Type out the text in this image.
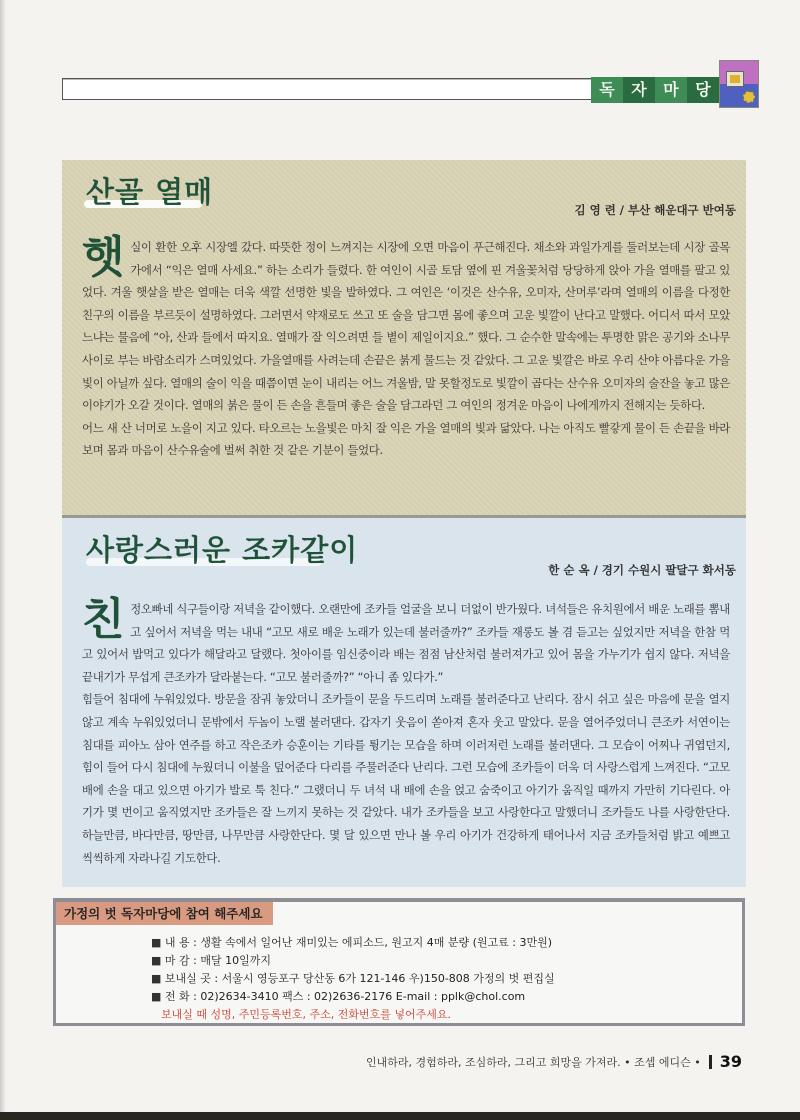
독	자	마	당
산골 열매
김 영 련 / 부산 해운대구 반여동
햇 실이 환한 오후 시장엘 갔다. 따뜻한 정이 느껴지는 시장에 오면 마음이 푸근해진다. 채소와 과일가게를 둘러보는데 시장 골목가에서 “익은 열매 사세요.” 하는 소리가 들렸다. 한 여인이 시골 토담 옆에 핀 겨울꽃처럼 당당하게 앉아 가을 열매를 팔고 있었다. 겨울 햇살을 받은 열매는 더욱 색깔 선명한 빛을 발하였다. 그 여인은 ‘이것은 산수유, 오미자, 산머루’라며 열매의 이름을 다정한 친구의 이름을 부르듯이 설명하였다. 그러면서 약재로도 쓰고 또 술을 담그면 몸에 좋으며 고운 빛깔이 난다고 말했다. 어디서 따서 모았느냐는 물음에 “아, 산과 들에서 따지요. 열매가 잘 익으려면 들 볕이 제일이지요.” 했다. 그 순수한 말속에는 투명한 맑은 공기와 소나무 사이로 부는 바람소리가 스며있었다. 가을열매를 사려는데 손끝은 붉게 물드는 것 같았다. 그 고운 빛깔은 바로 우리 산야 아름다운 가을빛이 아닐까 싶다. 열매의 술이 익을 때쯤이면 눈이 내리는 어느 겨울밤, 말 못할정도로 빛깔이 곱다는 산수유 오미자의 술잔을 놓고 많은 이야기가 오갈 것이다. 열매의 붉은 물이 든 손을 흔들며 좋은 술을 담그라던 그 여인의 정겨운 마음이 나에게까지 전해지는 듯하다.

어느 새 산 너머로 노을이 지고 있다. 타오르는 노을빛은 마치 잘 익은 가을 열매의 빛과 닮았다. 나는 아직도 빨갛게 물이 든 손끝을 바라보며 몸과 마음이 산수유술에 벌써 취한 것 같은 기분이 들었다.

사랑스러운 조카같이
한 순 옥 / 경기 수원시 팔달구 화서동
친 정오빠네 식구들이랑 저녁을 같이했다. 오랜만에 조카들 얼굴을 보니 더없이 반가웠다. 녀석들은 유치원에서 배운 노래를 뽐내고 싶어서 저녁을 먹는 내내 “고모 새로 배운 노래가 있는데 불러줄까?” 조카들 재롱도 볼 겸 듣고는 싶었지만 저녁을 한참 먹고 있어서 밥먹고 있다가 해달라고 달랬다. 첫아이를 임신중이라 배는 점점 남산처럼 불러져가고 있어 몸을 가누기가 쉽지 않다. 저녁을 끝내기가 무섭게 큰조카가 달라붙는다. “고모 불러줄까?” “아니 좀 있다가.”

힘들어 침대에 누워있었다. 방문을 잠궈 놓았더니 조카들이 문을 두드리며 노래를 불러준다고 난리다. 잠시 쉬고 싶은 마음에 문을 열지않고 계속 누워있었더니 문밖에서 두놈이 노랠 불러댄다. 갑자기 웃음이 쏟아져 혼자 웃고 말았다. 문을 열어주었더니 큰조카 서연이는 침대를 피아노 삼아 연주를 하고 작은조카 승훈이는 기타를 튕기는 모습을 하며 이러저런 노래를 불러댄다. 그 모습이 어찌나 귀엽던지, 힘이 들어 다시 침대에 누웠더니 이불을 덮어준다 다리를 주물러준다 난리다. 그런 모습에 조카들이 더욱 더 사랑스럽게 느껴진다. “고모배에 손을 대고 있으면 아기가 발로 툭 친다.” 그랬더니 두 녀석 내 배에 손을 얹고 숨죽이고 아기가 움직일 때까지 가만히 기다린다. 아기가 몇 번이고 움직였지만 조카들은 잘 느끼지 못하는 것 같았다. 내가 조카들을 보고 사랑한다고 말했더니 조카들도 나를 사랑한단다. 하늘만큼, 바다만큼, 땅만큼, 나무만큼 사랑한단다. 몇 달 있으면 만나 볼 우리 아기가 건강하게 태어나서 지금 조카들처럼 밝고 예쁘고 씩씩하게 자라나길 기도한다.

가정의 벗 독자마당에 참여 해주세요
■ 내 용 : 생활 속에서 일어난 재미있는 에피소드, 원고지 4매 분량 (원고료 : 3만원)
■ 마 감 : 매달 10일까지
■ 보내실 곳 : 서울시 영등포구 당산동 6가 121-146 우)150-808 가정의 벗 편집실
■ 전 화 : 02)2634-3410 팩스 : 02)2636-2176 E-mail : pplk@chol.com
보내실 때 성명, 주민등록번호, 주소, 전화번호를 넣어주세요.
인내하라, 경험하라, 조심하라, 그리고 희망을 가져라. • 조셉 에디슨 • 39
